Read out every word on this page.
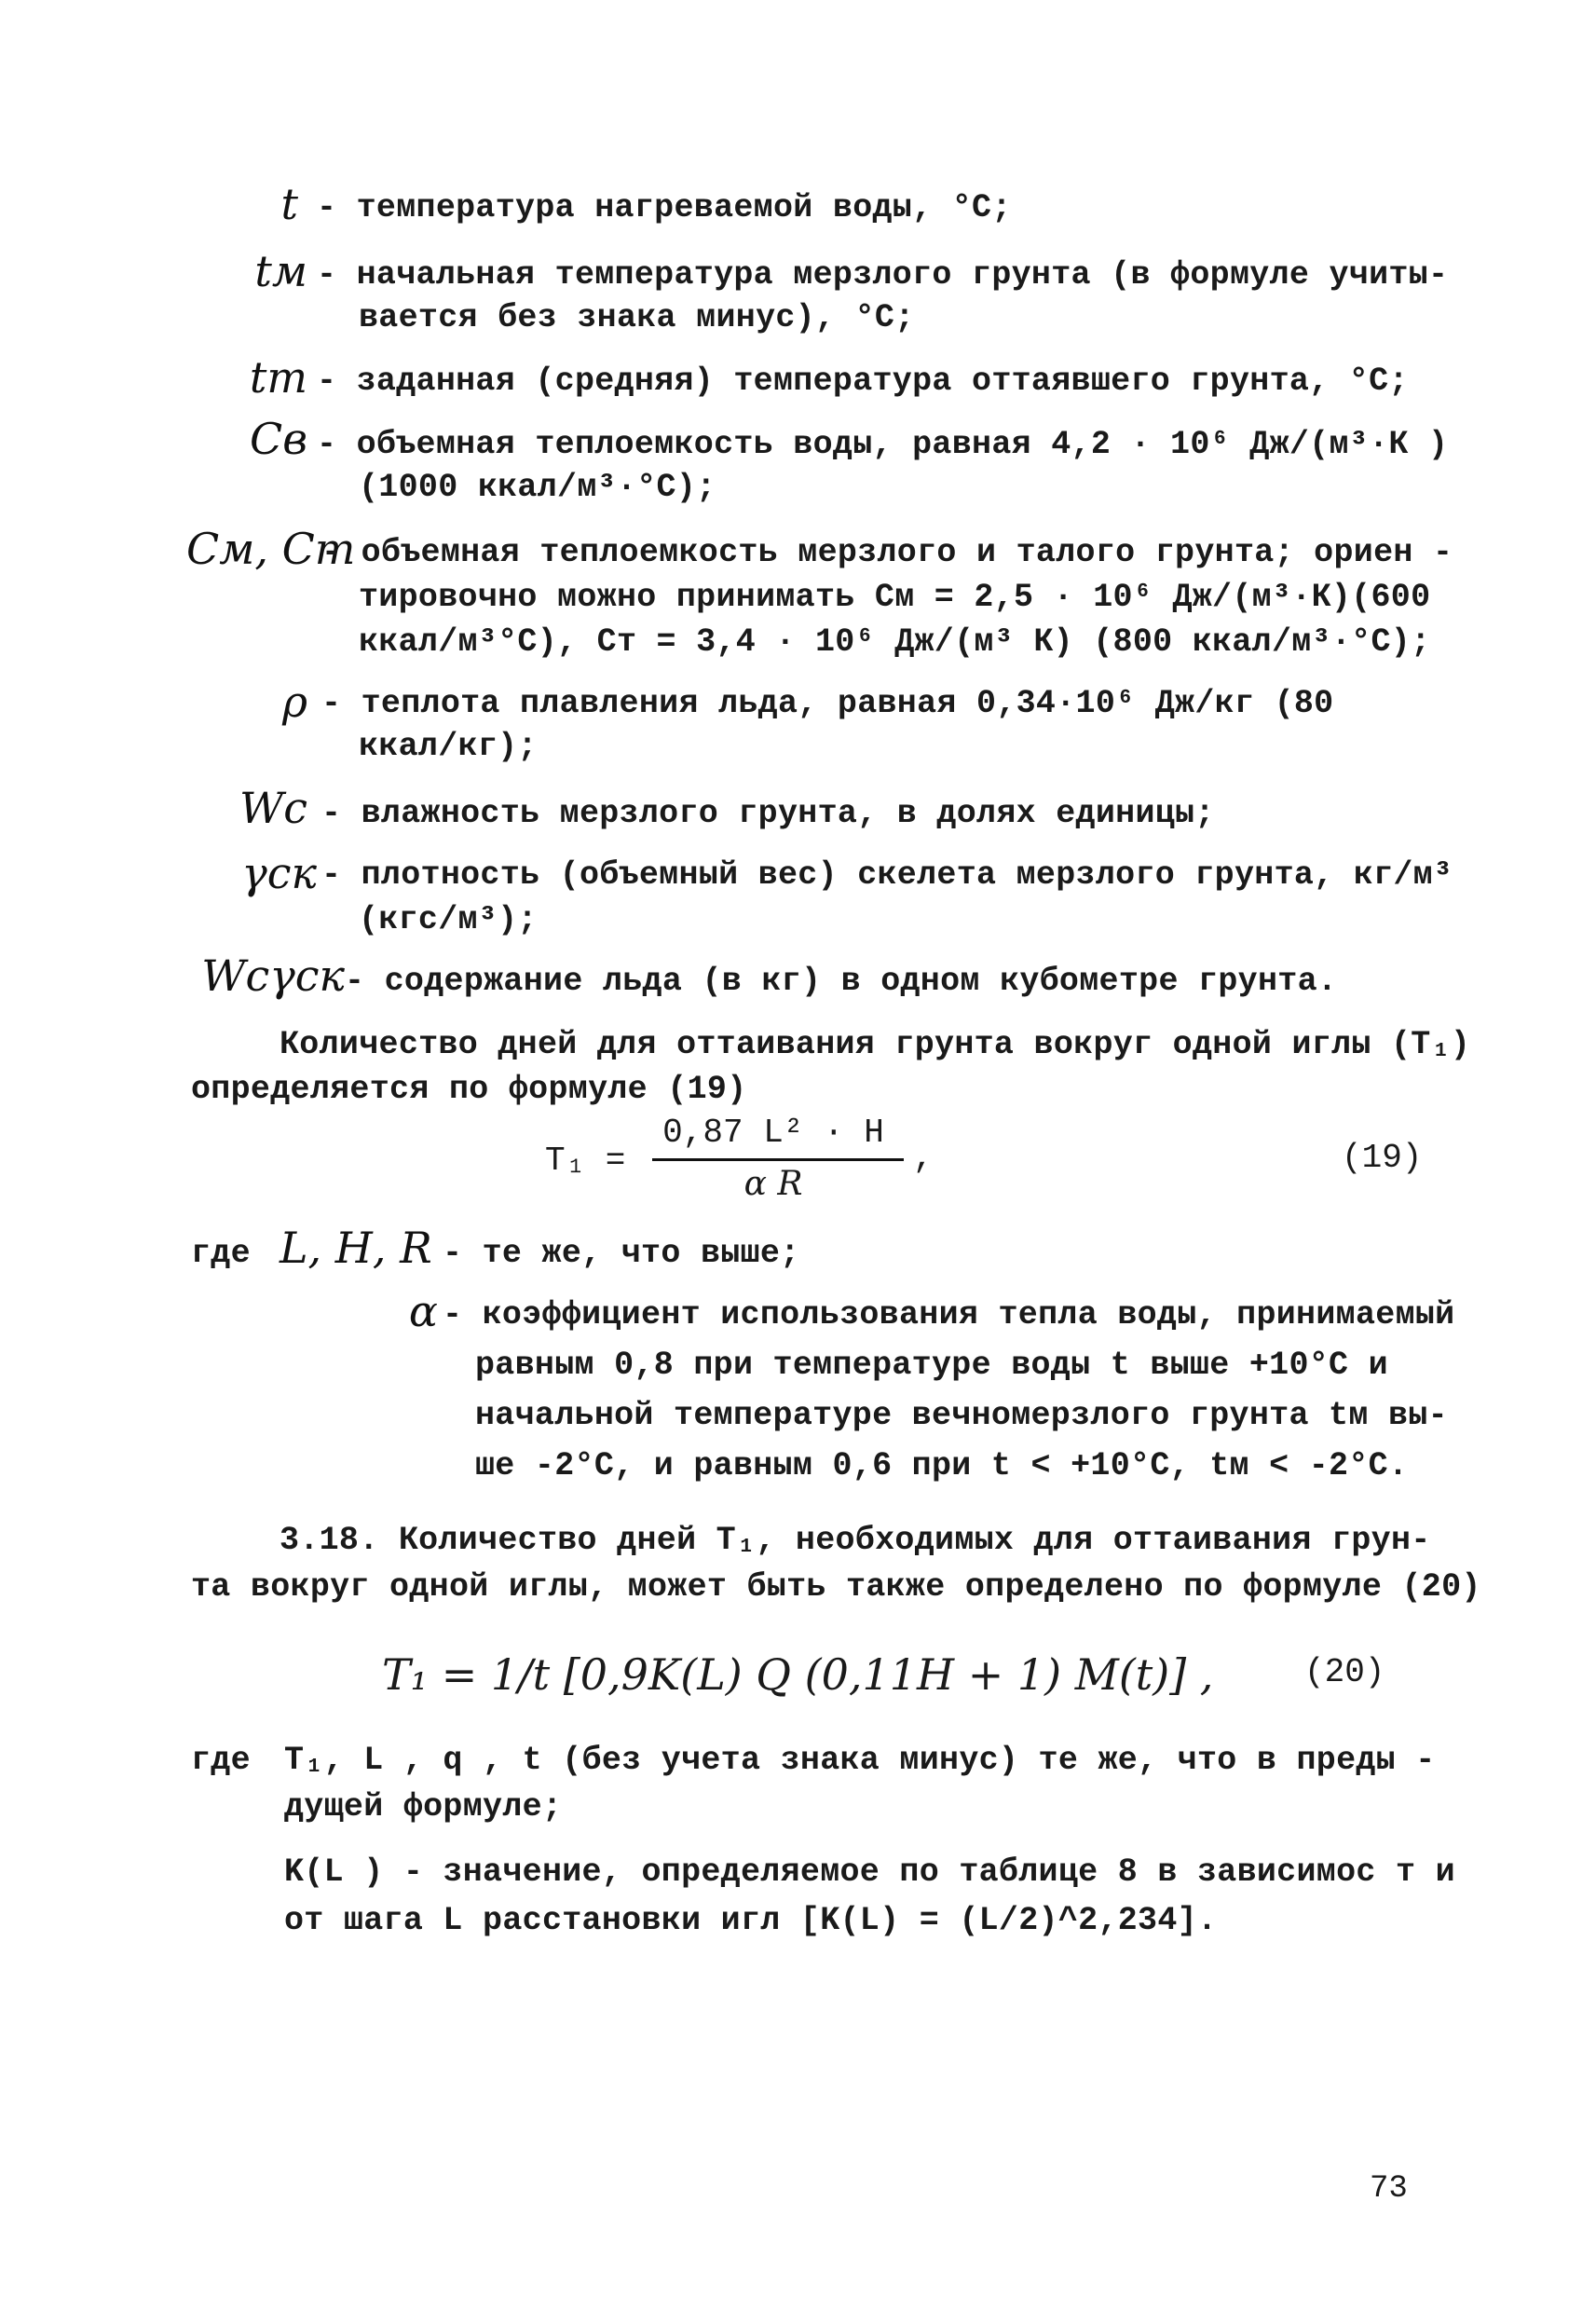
t - температура нагреваемой воды, °С;
tм - начальная температура мерзлого грунта (в формуле учиты-
вается без знака минус), °С;
tт - заданная (средняя) температура оттаявшего грунта, °С;
Cв - объемная теплоемкость воды, равная 4,2 · 10⁶ Дж/(м³·К )
(1000 ккал/м³·°С);
Cм, Cт
- объемная теплоемкость мерзлого и талого грунта; ориен -
тировочно можно принимать Cм = 2,5 · 10⁶ Дж/(м³·К)(600
ккал/м³°С), Cт = 3,4 · 10⁶ Дж/(м³ К) (800 ккал/м³·°С);
ρ - теплота плавления льда, равная 0,34·10⁶ Дж/кг (80
ккал/кг);
Wc - влажность мерзлого грунта, в долях единицы;
γск - плотность (объемный вес) скелета мерзлого грунта, кг/м³
(кгс/м³);
Wcγск - содержание льда (в кг) в одном кубометре грунта.
Количество дней для оттаивания грунта вокруг одной иглы (T₁)
определяется по формуле (19)
T₁ =
0,87 L² · H
α R
,	(19)
где L, H, R - те же, что выше;
α - коэффициент использования тепла воды, принимаемый
равным 0,8 при температуре воды t выше +10°С и
начальной температуре вечномерзлого грунта tм вы-
ше -2°С, и равным 0,6 при t < +10°С, tм < -2°С.
3.18. Количество дней T₁, необходимых для оттаивания грун-
та вокруг одной иглы, может быть также определено по формуле (20)
T₁ = 1/t [0,9K(L) Q (0,11H + 1) M(t)] ,	(20)
где T₁, L , q , t (без учета знака минус) те же, что в преды -
дущей формуле;
K(L ) - значение, определяемое по таблице 8 в зависимос т и
от шага L расстановки игл [K(L) = (L/2)^2,234].
73
